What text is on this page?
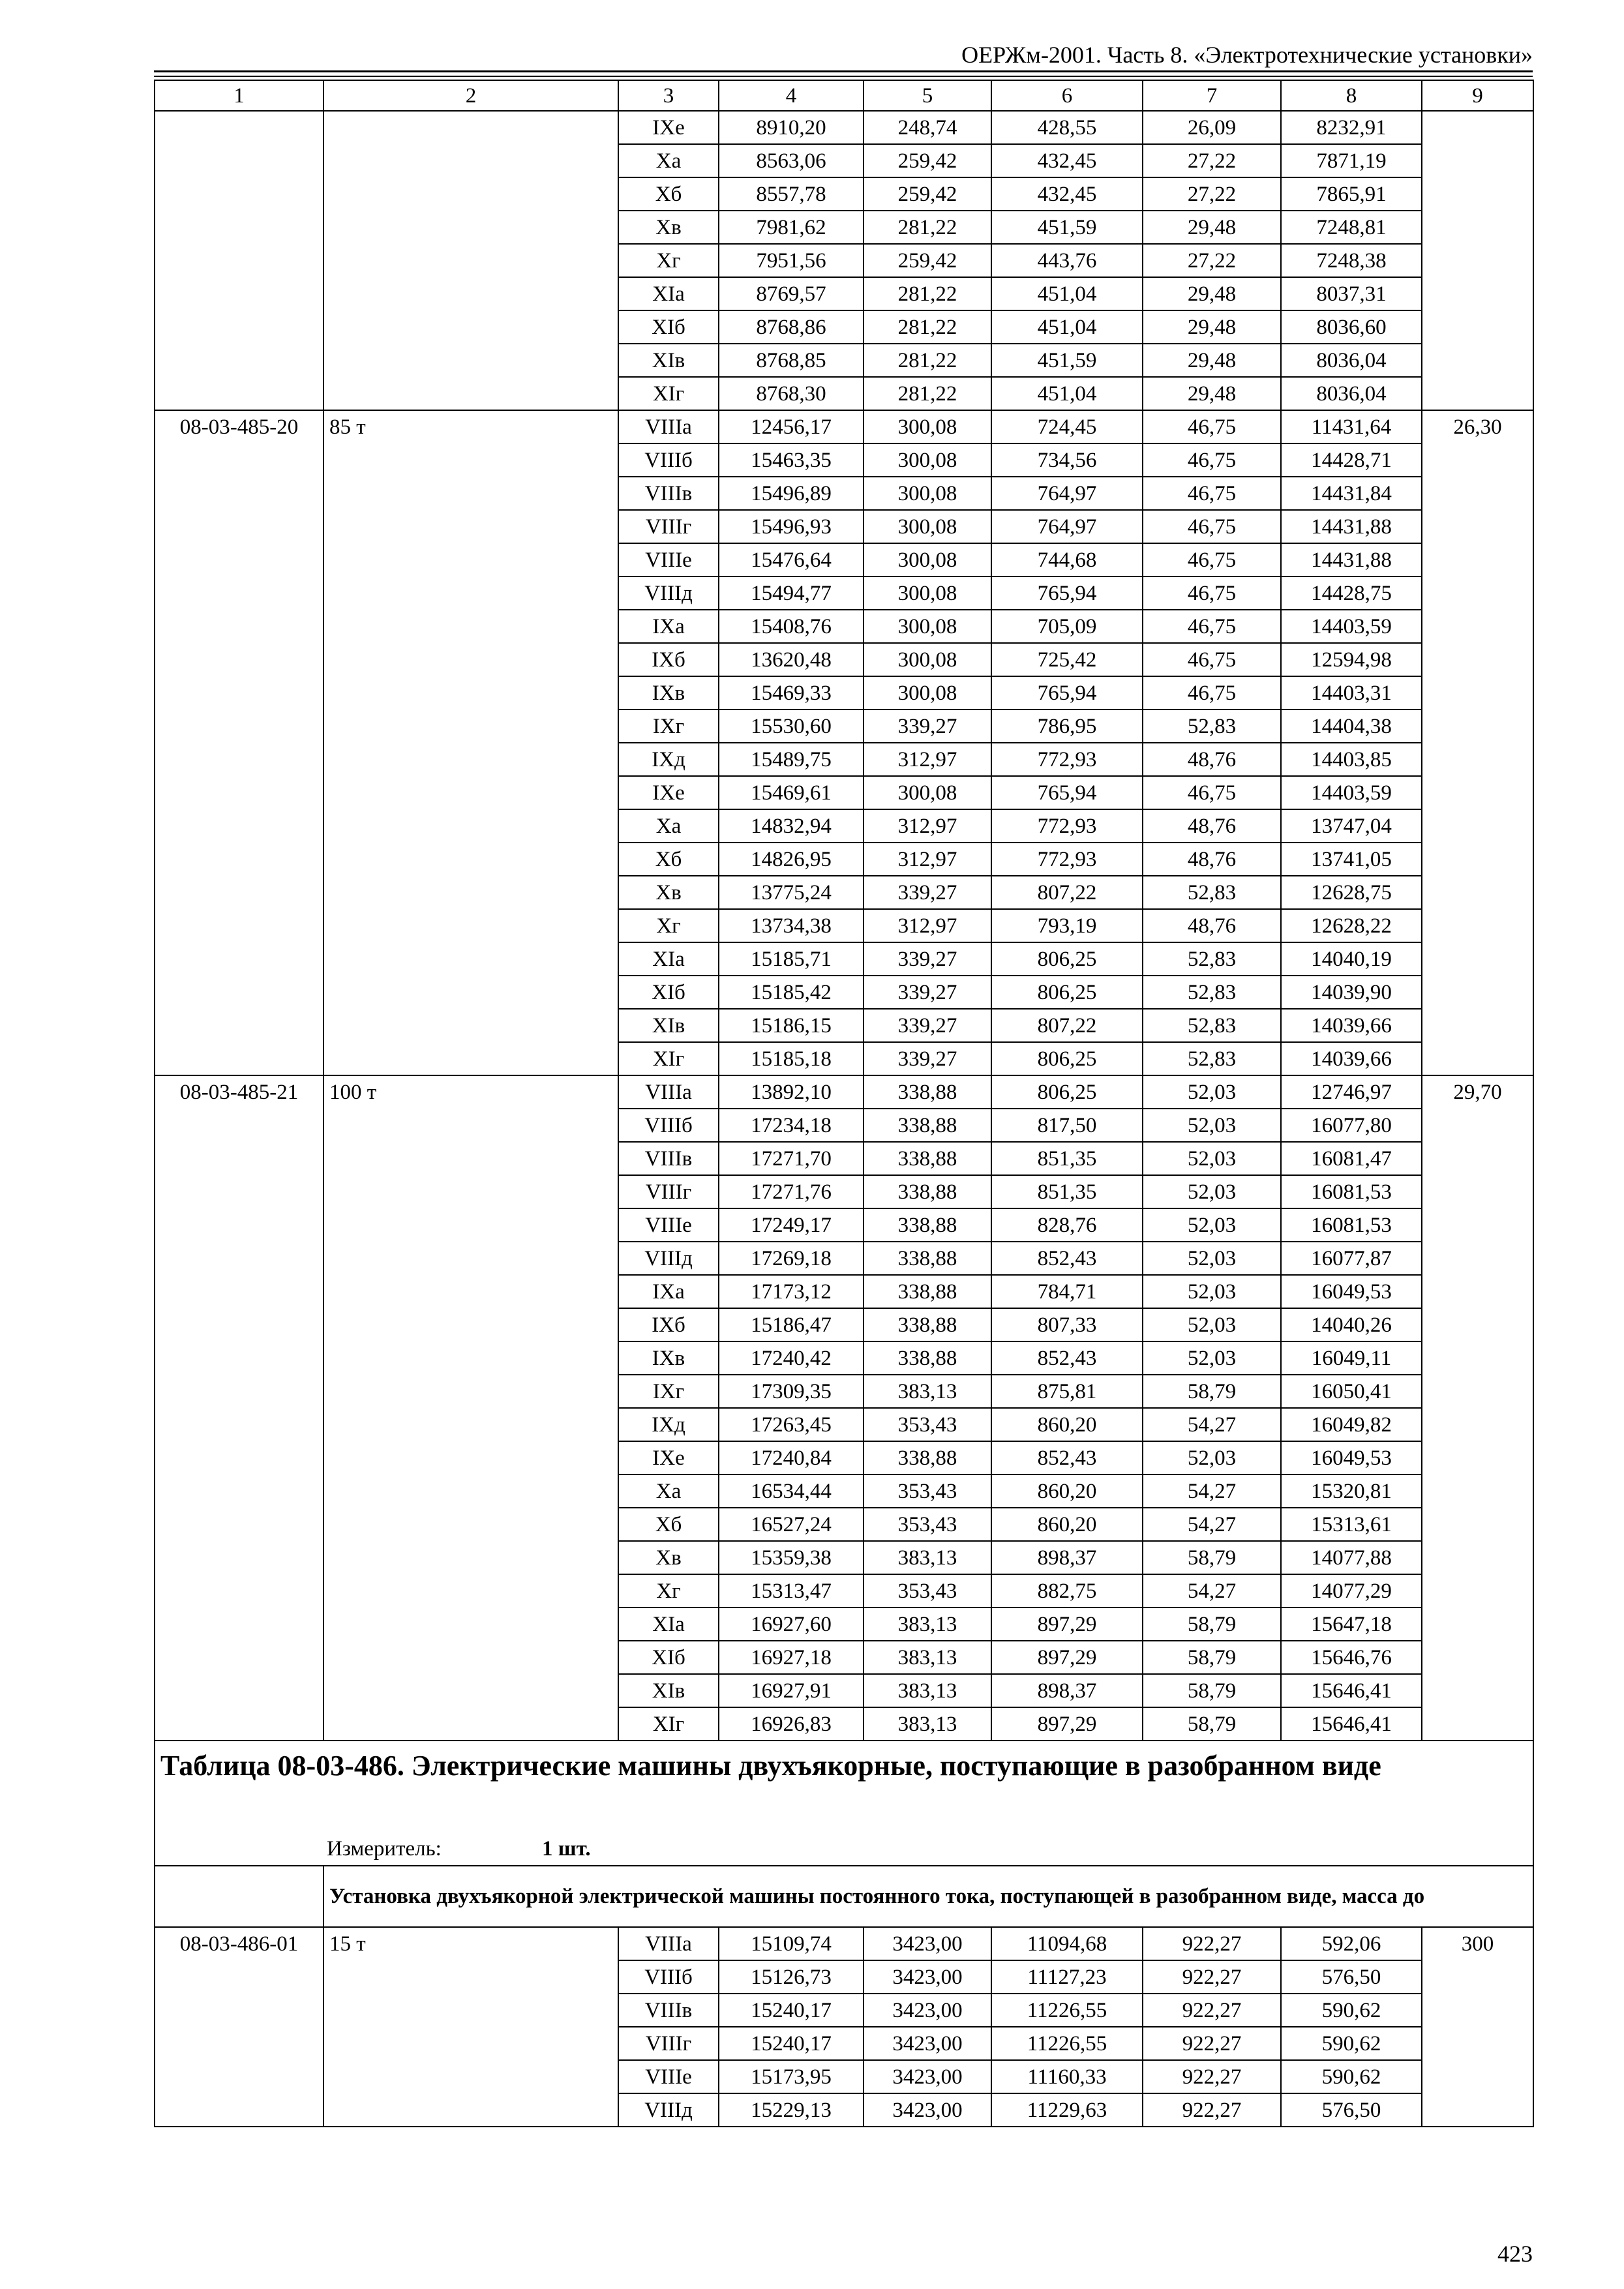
ОЕРЖм-2001. Часть 8. «Электротехнические установки»
1	2	3	4	5	6	7	8	9
		IXe	8910,20	248,74	428,55	26,09	8232,91	
		Xa	8563,06	259,42	432,45	27,22	7871,19	
		Xб	8557,78	259,42	432,45	27,22	7865,91	
		Xв	7981,62	281,22	451,59	29,48	7248,81	
		Xг	7951,56	259,42	443,76	27,22	7248,38	
		XIa	8769,57	281,22	451,04	29,48	8037,31	
		XIб	8768,86	281,22	451,04	29,48	8036,60	
		XIв	8768,85	281,22	451,59	29,48	8036,04	
		XIг	8768,30	281,22	451,04	29,48	8036,04	
08-03-485-20	85 т	VIIIa	12456,17	300,08	724,45	46,75	11431,64	26,30
		VIIIб	15463,35	300,08	734,56	46,75	14428,71	
		VIIIв	15496,89	300,08	764,97	46,75	14431,84	
		VIIIг	15496,93	300,08	764,97	46,75	14431,88	
		VIIIe	15476,64	300,08	744,68	46,75	14431,88	
		VIIIд	15494,77	300,08	765,94	46,75	14428,75	
		IXa	15408,76	300,08	705,09	46,75	14403,59	
		IXб	13620,48	300,08	725,42	46,75	12594,98	
		IXв	15469,33	300,08	765,94	46,75	14403,31	
		IXг	15530,60	339,27	786,95	52,83	14404,38	
		IXд	15489,75	312,97	772,93	48,76	14403,85	
		IXe	15469,61	300,08	765,94	46,75	14403,59	
		Xa	14832,94	312,97	772,93	48,76	13747,04	
		Xб	14826,95	312,97	772,93	48,76	13741,05	
		Xв	13775,24	339,27	807,22	52,83	12628,75	
		Xг	13734,38	312,97	793,19	48,76	12628,22	
		XIa	15185,71	339,27	806,25	52,83	14040,19	
		XIб	15185,42	339,27	806,25	52,83	14039,90	
		XIв	15186,15	339,27	807,22	52,83	14039,66	
		XIг	15185,18	339,27	806,25	52,83	14039,66	
08-03-485-21	100 т	VIIIa	13892,10	338,88	806,25	52,03	12746,97	29,70
		VIIIб	17234,18	338,88	817,50	52,03	16077,80	
		VIIIв	17271,70	338,88	851,35	52,03	16081,47	
		VIIIг	17271,76	338,88	851,35	52,03	16081,53	
		VIIIe	17249,17	338,88	828,76	52,03	16081,53	
		VIIIд	17269,18	338,88	852,43	52,03	16077,87	
		IXa	17173,12	338,88	784,71	52,03	16049,53	
		IXб	15186,47	338,88	807,33	52,03	14040,26	
		IXв	17240,42	338,88	852,43	52,03	16049,11	
		IXг	17309,35	383,13	875,81	58,79	16050,41	
		IXд	17263,45	353,43	860,20	54,27	16049,82	
		IXe	17240,84	338,88	852,43	52,03	16049,53	
		Xa	16534,44	353,43	860,20	54,27	15320,81	
		Xб	16527,24	353,43	860,20	54,27	15313,61	
		Xв	15359,38	383,13	898,37	58,79	14077,88	
		Xг	15313,47	353,43	882,75	54,27	14077,29	
		XIa	16927,60	383,13	897,29	58,79	15647,18	
		XIб	16927,18	383,13	897,29	58,79	15646,76	
		XIв	16927,91	383,13	898,37	58,79	15646,41	
		XIг	16926,83	383,13	897,29	58,79	15646,41	

Таблица 08-03-486. Электрические машины двухъякорные, поступающие в разобранном виде								

Измеритель: 1 шт.								
	Установка двухъякорной электрической машины постоянного тока, поступающей в разобранном виде, масса до							
08-03-486-01	15 т	VIIIa	15109,74	3423,00	11094,68	922,27	592,06	300
		VIIIб	15126,73	3423,00	11127,23	922,27	576,50	
		VIIIв	15240,17	3423,00	11226,55	922,27	590,62	
		VIIIг	15240,17	3423,00	11226,55	922,27	590,62	
		VIIIe	15173,95	3423,00	11160,33	922,27	590,62	
		VIIIд	15229,13	3423,00	11229,63	922,27	576,50	
423
